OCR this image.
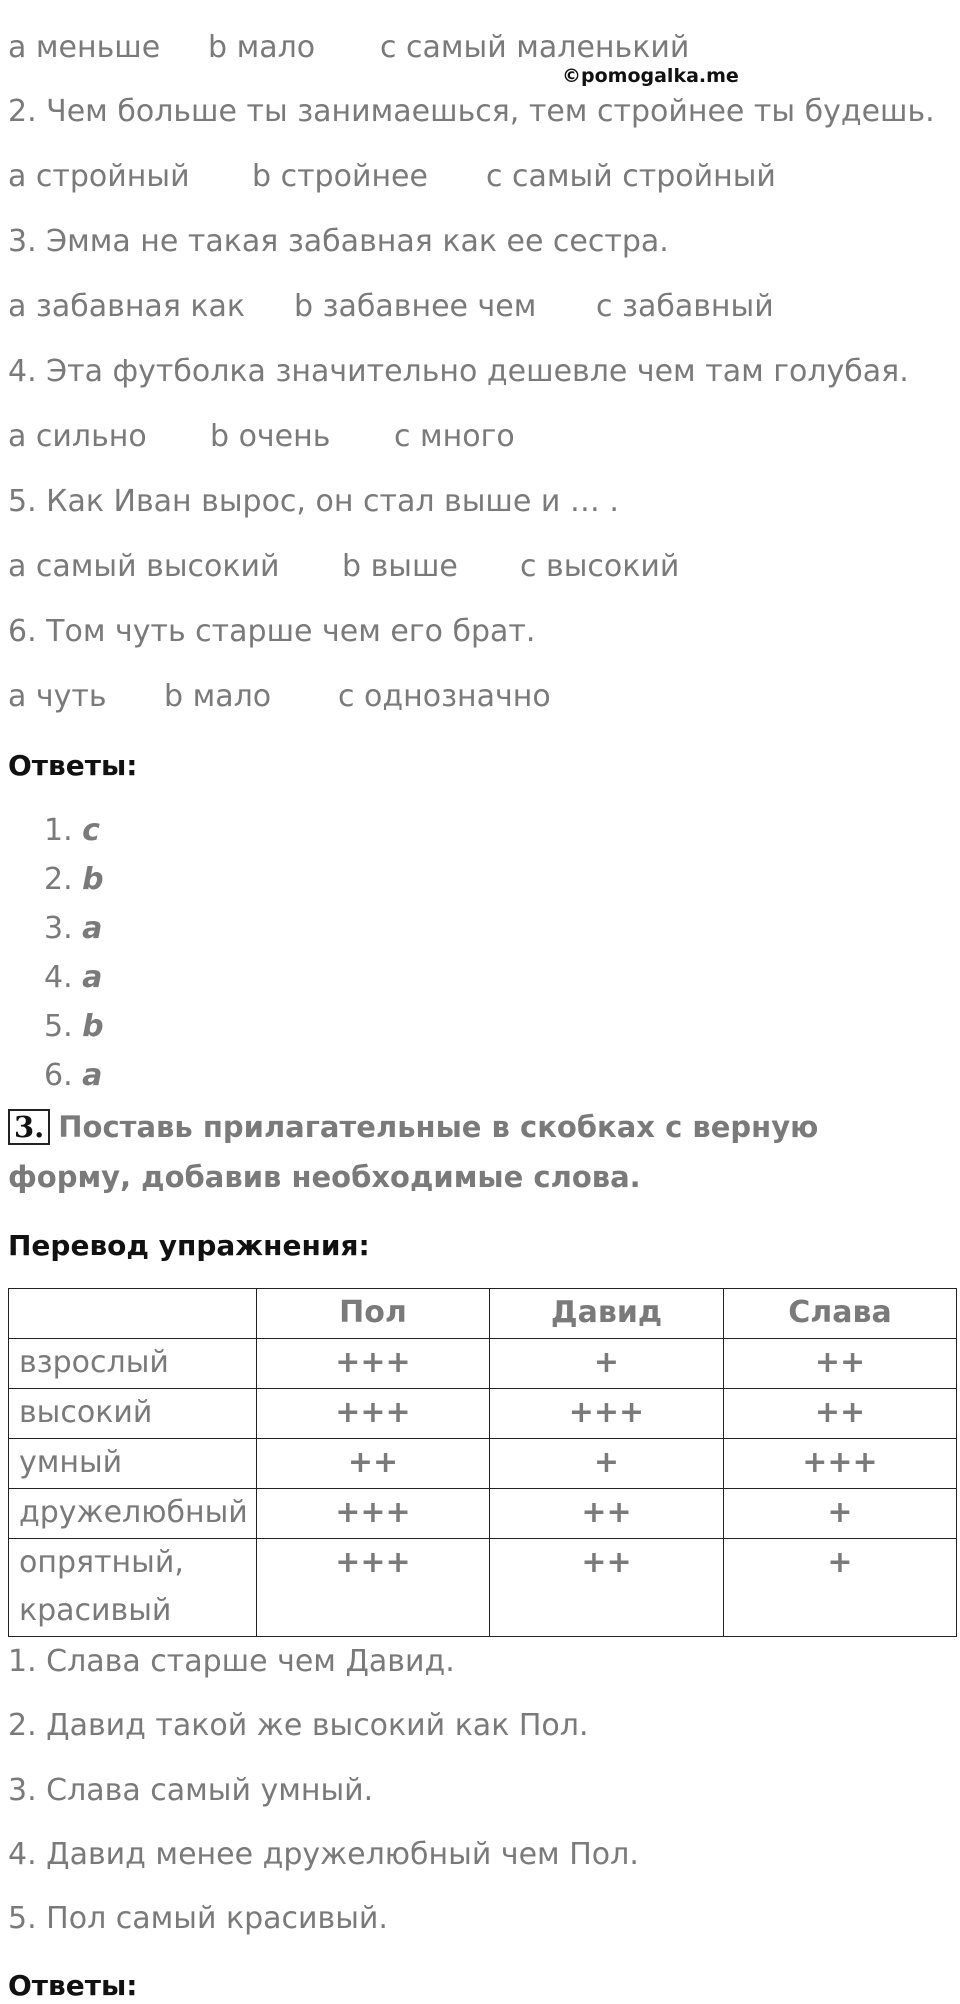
а меньше b мало с самый маленький
©pomogalka.me
2. Чем больше ты занимаешься, тем стройнее ты будешь.
а стройный b стройнее с самый стройный
3. Эмма не такая забавная как ее сестра.
а забавная как b забавнее чем с забавный
4. Эта футболка значительно дешевле чем там голубая.
а сильно b очень с много
5. Как Иван вырос, он стал выше и … .
а самый высокий b выше с высокий
6. Том чуть старше чем его брат.
а чуть b мало с однозначно
Ответы:
1. c
2. b
3. a
4. a
5. b
6. a
3. Поставь прилагательные в скобках с верную форму, добавив необходимые слова.
Перевод упражнения:
	Пол	Давид	Слава
взрослый	+++	+	++
высокий	+++	+++	++
умный	++	+	+++
дружелюбный	+++	++	+
опрятный, красивый	+++	++	+
1. Слава старше чем Давид.
2. Давид такой же высокий как Пол.
3. Слава самый умный.
4. Давид менее дружелюбный чем Пол.
5. Пол самый красивый.
Ответы:
